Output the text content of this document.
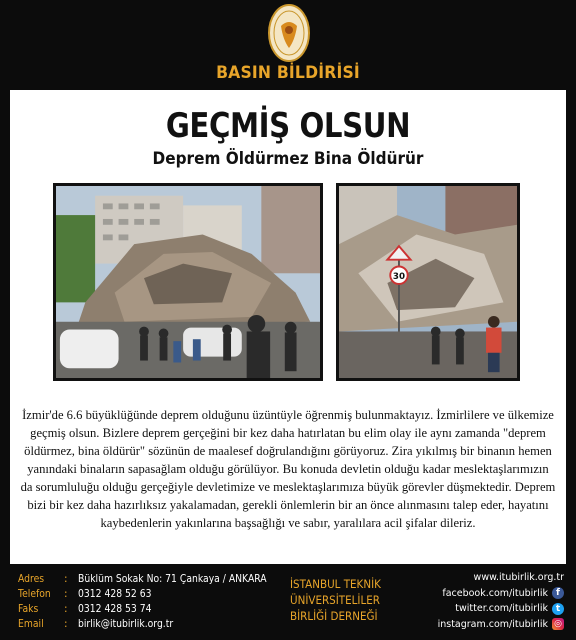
BASIN BİLDİRİSİ
GEÇMİŞ OLSUN
Deprem Öldürmez Bina Öldürür
30
İzmir'de 6.6 büyüklüğünde deprem olduğunu üzüntüyle öğrenmiş bulunmaktayız. İzmirlilere ve ülkemize geçmiş olsun. Bizlere deprem gerçeğini bir kez daha hatırlatan bu elim olay ile aynı zamanda "deprem öldürmez, bina öldürür" sözünün de maalesef doğrulandığını görüyoruz. Zira yıkılmış bir binanın hemen yanındaki binaların sapasağlam olduğu görülüyor. Bu konuda devletin olduğu kadar meslektaşlarımızın da sorumluluğu olduğu gerçeğiyle devletimize ve meslektaşlarımıza büyük görevler düşmektedir. Deprem bizi bir kez daha hazırlıksız yakalamadan, gerekli önlemlerin bir an önce alınmasını talep eder, hayatını kaybedenlerin yakınlarına başsağlığı ve sabır, yaralılara acil şifalar dileriz.
Adres	: Büklüm Sokak No: 71 Çankaya / ANKARA
Telefon	: 0312 428 52 63
Faks	: 0312 428 53 74
Email	: birlik@itubirlik.org.tr
İSTANBUL TEKNİK
ÜNİVERSİTELİLER
BİRLİĞİ DERNEĞİ
www.itubirlik.org.tr
facebook.com/itubirlik f
twitter.com/itubirlik t
instagram.com/itubirlik ◎
